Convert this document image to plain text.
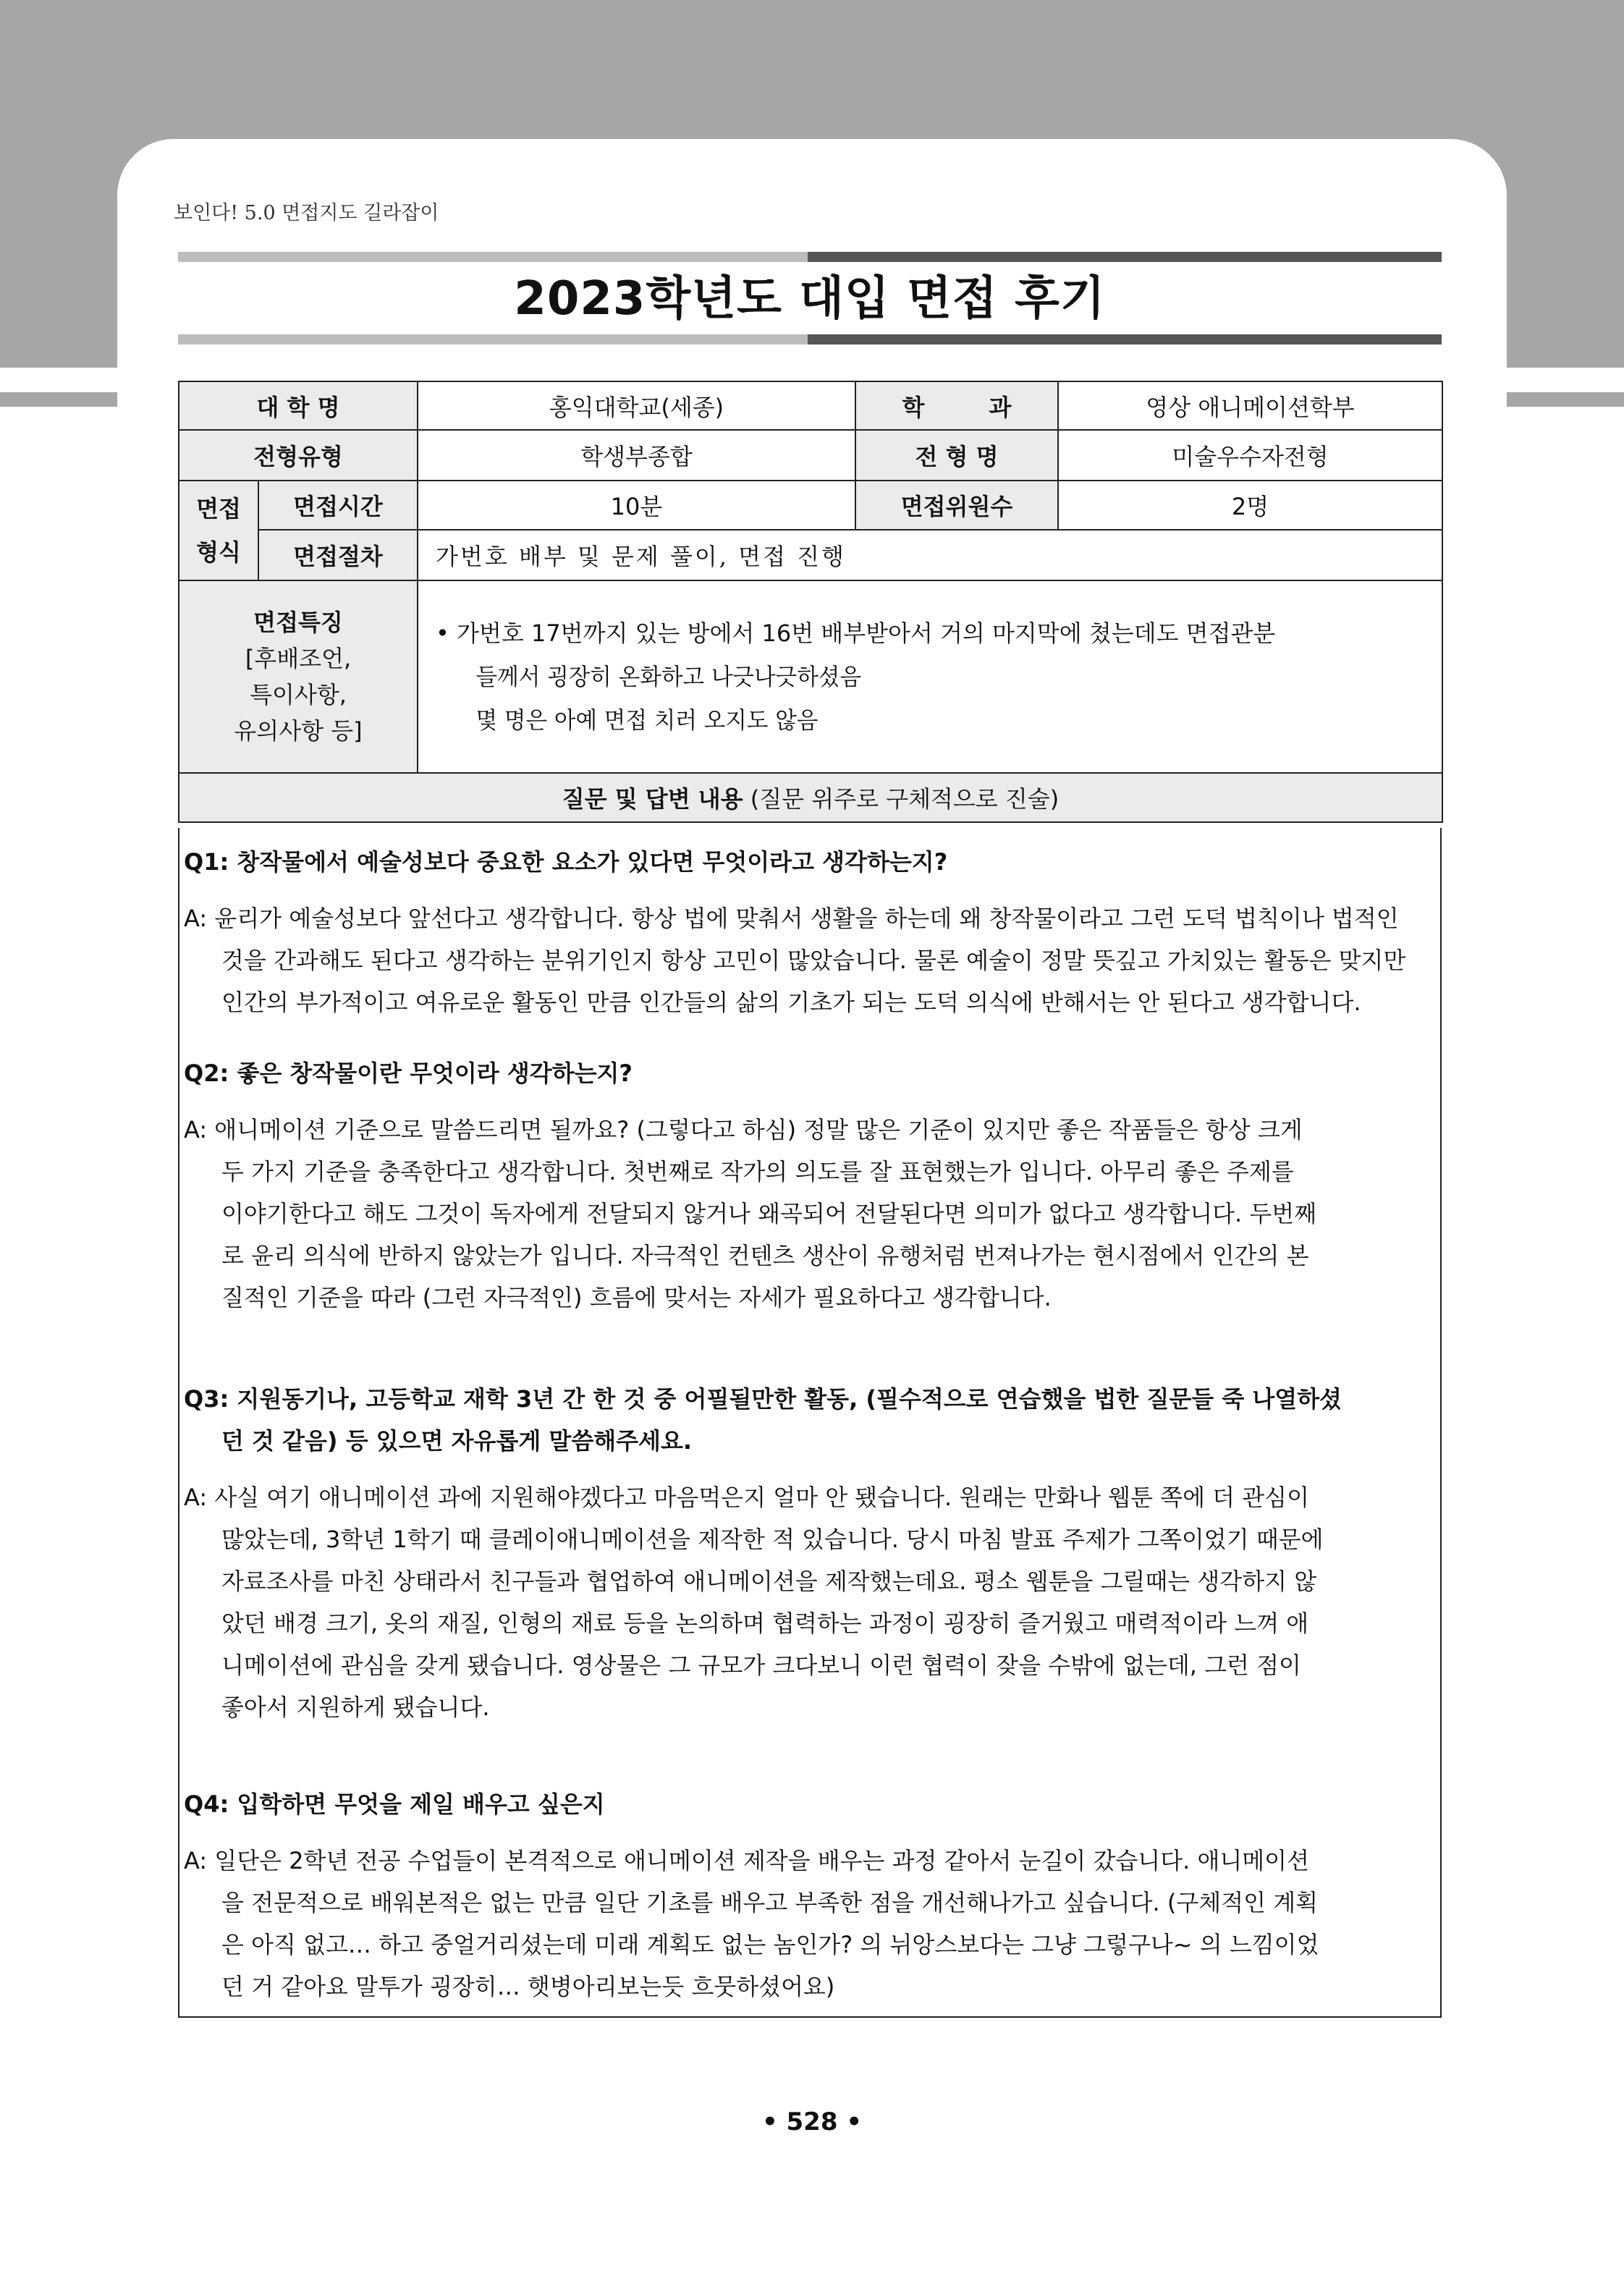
보인다! 5.0 면접지도 길라잡이
2023학년도 대입 면접 후기
대 학 명		홍익대학교(세종)	학        과	영상 애니메이션학부
전형유형		학생부종합	전 형 명	미술우수자전형
면접
형식	면접시간	10분	면접위원수	2명
	면접절차	가번호 배부 및 문제 풀이, 면접 진행		
면접특징
[후배조언,
특이사항,
유의사항 등]		• 가번호 17번까지 있는 방에서 16번 배부받아서 거의 마지막에 쳤는데도 면접관분
들께서 굉장히 온화하고 나긋나긋하셨음
몇 명은 아예 면접 치러 오지도 않음		

질문 및 답변 내용 (질문 위주로 구체적으로 진술)				
Q1: 창작물에서 예술성보다 중요한 요소가 있다면 무엇이라고 생각하는지?
A: 윤리가 예술성보다 앞선다고 생각합니다. 항상 법에 맞춰서 생활을 하는데 왜 창작물이라고 그런 도덕 법칙이나 법적인
것을 간과해도 된다고 생각하는 분위기인지 항상 고민이 많았습니다. 물론 예술이 정말 뜻깊고 가치있는 활동은 맞지만
인간의 부가적이고 여유로운 활동인 만큼 인간들의 삶의 기초가 되는 도덕 의식에 반해서는 안 된다고 생각합니다.
Q2: 좋은 창작물이란 무엇이라 생각하는지?
A: 애니메이션 기준으로 말씀드리면 될까요? (그렇다고 하심) 정말 많은 기준이 있지만 좋은 작품들은 항상 크게
두 가지 기준을 충족한다고 생각합니다. 첫번째로 작가의 의도를 잘 표현했는가 입니다. 아무리 좋은 주제를
이야기한다고 해도 그것이 독자에게 전달되지 않거나 왜곡되어 전달된다면 의미가 없다고 생각합니다. 두번째
로 윤리 의식에 반하지 않았는가 입니다. 자극적인 컨텐츠 생산이 유행처럼 번져나가는 현시점에서 인간의 본
질적인 기준을 따라 (그런 자극적인) 흐름에 맞서는 자세가 필요하다고 생각합니다.
Q3: 지원동기나, 고등학교 재학 3년 간 한 것 중 어필될만한 활동, (필수적으로 연습했을 법한 질문들 죽 나열하셨
던 것 같음) 등 있으면 자유롭게 말씀해주세요.
A: 사실 여기 애니메이션 과에 지원해야겠다고 마음먹은지 얼마 안 됐습니다. 원래는 만화나 웹툰 쪽에 더 관심이
많았는데, 3학년 1학기 때 클레이애니메이션을 제작한 적 있습니다. 당시 마침 발표 주제가 그쪽이었기 때문에
자료조사를 마친 상태라서 친구들과 협업하여 애니메이션을 제작했는데요. 평소 웹툰을 그릴때는 생각하지 않
았던 배경 크기, 옷의 재질, 인형의 재료 등을 논의하며 협력하는 과정이 굉장히 즐거웠고 매력적이라 느껴 애
니메이션에 관심을 갖게 됐습니다. 영상물은 그 규모가 크다보니 이런 협력이 잦을 수밖에 없는데, 그런 점이
좋아서 지원하게 됐습니다.
Q4: 입학하면 무엇을 제일 배우고 싶은지
A: 일단은 2학년 전공 수업들이 본격적으로 애니메이션 제작을 배우는 과정 같아서 눈길이 갔습니다. 애니메이션
을 전문적으로 배워본적은 없는 만큼 일단 기초를 배우고 부족한 점을 개선해나가고 싶습니다. (구체적인 계획
은 아직 없고… 하고 중얼거리셨는데 미래 계획도 없는 놈인가? 의 뉘앙스보다는 그냥 그렇구나~ 의 느낌이었
던 거 같아요 말투가 굉장히… 햇병아리보는듯 흐뭇하셨어요)
• 528 •
